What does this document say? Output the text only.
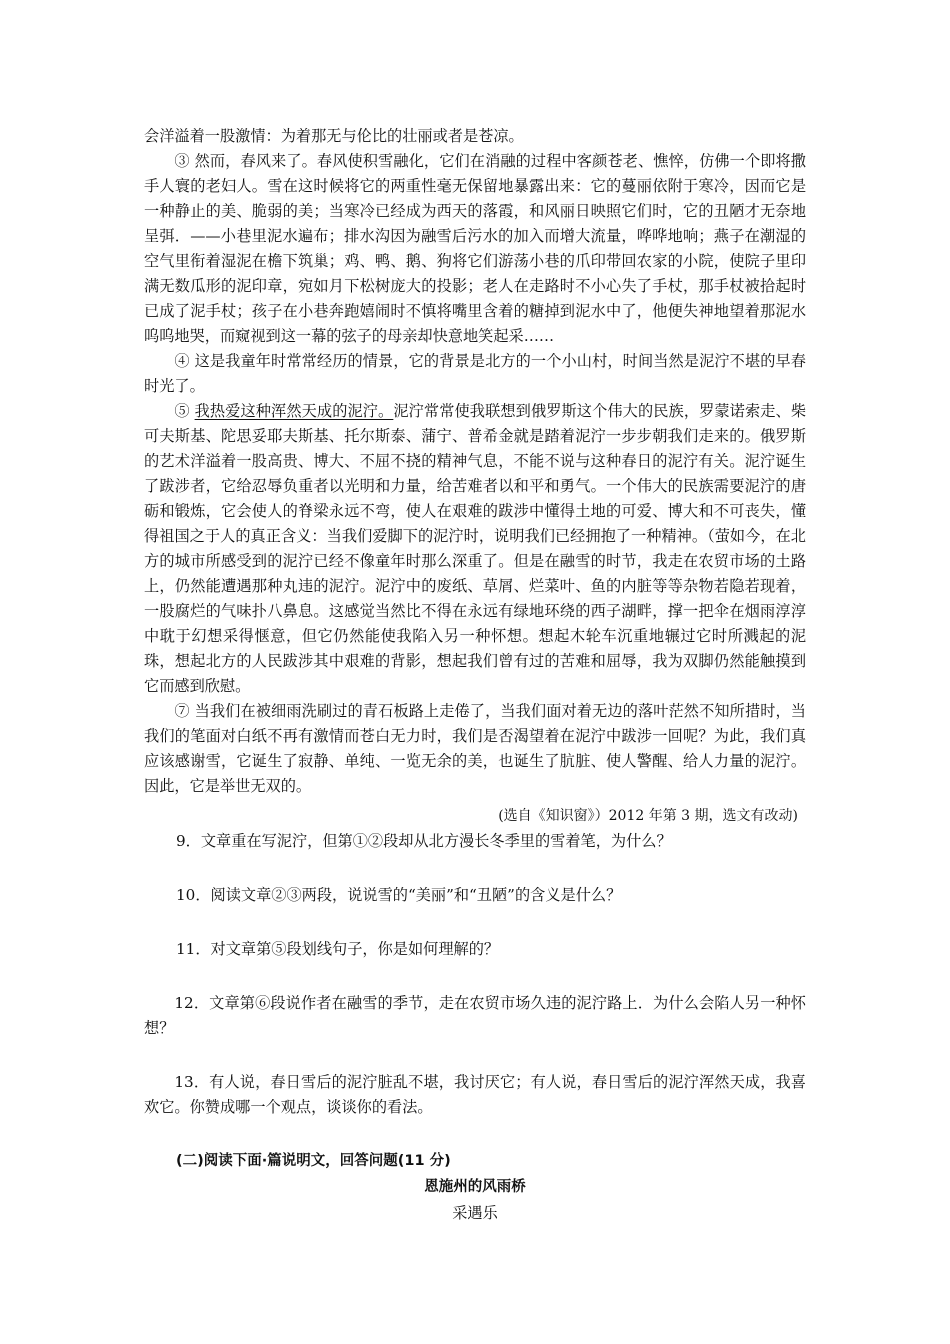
会洋溢着一股激情：为着那无与伦比的壮丽或者是苍凉。

③ 然而，春风来了。春风使积雪融化，它们在消融的过程中客颜苍老、憔悴，仿佛一个即将撒手人寰的老妇人。雪在这时候将它的两重性毫无保留地暴露出来：它的蔓丽依附于寒冷，因而它是一种静止的美、脆弱的美；当寒冷已经成为西天的落霞，和风丽日映照它们时，它的丑陋才无奈地呈弭．——小巷里泥水遍布；排水沟因为融雪后污水的加入而增大流量，哗哗地响；燕子在潮湿的空气里衔着湿泥在檐下筑巢；鸡、鸭、鹅、狗将它们游荡小巷的爪印带回农家的小院，使院子里印满无数瓜形的泥印章，宛如月下松树庞大的投影；老人在走路时不小心失了手杖，那手杖被拾起时已成了泥手杖；孩子在小巷奔跑嬉闹时不慎将嘴里含着的糖掉到泥水中了，他便失神地望着那泥水呜呜地哭，而窥视到这一幕的弦子的母亲却快意地笑起采……

④ 这是我童年时常常经历的情景，它的背景是北方的一个小山村，时间当然是泥泞不堪的早春时光了。

⑤ 我热爱这种浑然天成的泥泞。泥泞常常使我联想到俄罗斯这个伟大的民族，罗蒙诺索走、柴可夫斯基、陀思妥耶夫斯基、托尔斯泰、蒲宁、普希金就是踏着泥泞一步步朝我们走来的。俄罗斯的艺术洋溢着一股高贵、博大、不屈不挠的精神气息，不能不说与这种春日的泥泞有关。泥泞诞生了跋涉者，它给忍辱负重者以光明和力量，给苦难者以和平和勇气。一个伟大的民族需要泥泞的唐砺和锻炼，它会使人的脊梁永远不弯，使人在艰难的跋涉中懂得土地的可爱、博大和不可丧失，懂得祖国之于人的真正含义：当我们爱脚下的泥泞时，说明我们已经拥抱了一种精神。（萤如今，在北方的城市所感受到的泥泞已经不像童年时那么深重了。但是在融雪的时节，我走在农贸市场的土路上，仍然能遭遇那种丸违的泥泞。泥泞中的废纸、草屑、烂菜叶、鱼的内脏等等杂物若隐若现着，一股腐烂的气味扑八鼻息。这感觉当然比不得在永远有绿地环绕的西子湖畔，撑一把伞在烟雨淳淳中耽于幻想采得惬意，但它仍然能使我陷入另一种怀想。想起木轮车沉重地辗过它时所溅起的泥珠，想起北方的人民跋涉其中艰难的背影，想起我们曾有过的苦难和屈辱，我为双脚仍然能触摸到它而感到欣慰。

⑦ 当我们在被细雨洗刷过的青石板路上走倦了，当我们面对着无边的落叶茫然不知所措时，当我们的笔面对白纸不再有激情而苍白无力时，我们是否渴望着在泥泞中跋涉一回呢？为此，我们真应该感谢雪，它诞生了寂静、单纯、一览无余的美，也诞生了肮脏、使人警醒、给人力量的泥泞。因此，它是举世无双的。

(选自《知识窗》）2012 年第 3 期，选文有改动)

9．文章重在写泥泞，但第①②段却从北方漫长冬季里的雪着笔，为什么？

10．阅读文章②③两段，说说雪的“美丽”和“丑陋”的含义是什么？

11．对文章第⑤段划线句子，你是如何理解的？

12．文章第⑥段说作者在融雪的季节，走在农贸市场久违的泥泞路上．为什么会陷人另一种怀想？

13．有人说，春日雪后的泥泞脏乱不堪，我讨厌它；有人说，春日雪后的泥泞浑然天成，我喜欢它。你赞成哪一个观点，谈谈你的看法。

(二)阅读下面·篇说明文，回答问题(11 分)

恩施州的风雨桥

采遇乐
